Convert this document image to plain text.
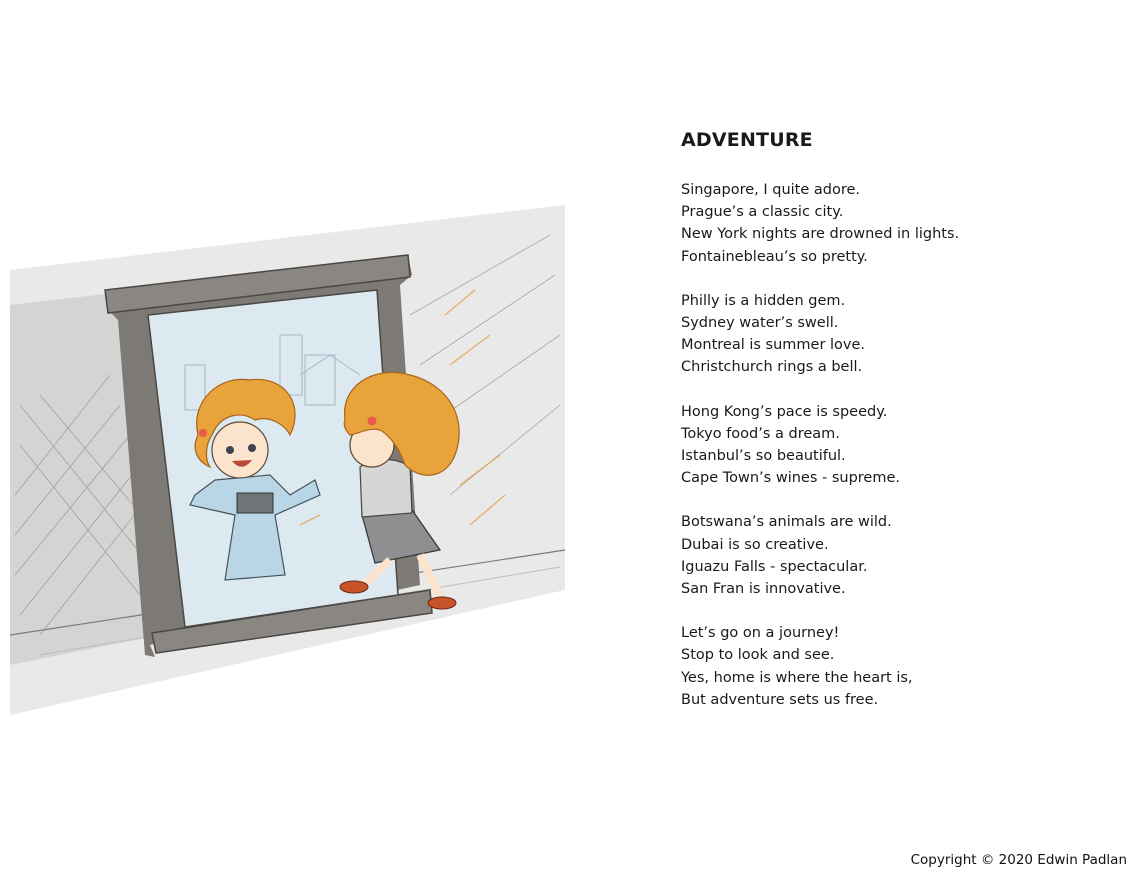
ADVENTURE
Singapore, I quite adore.
Prague’s a classic city.
New York nights are drowned in lights.
Fontainebleau’s so pretty.
Philly is a hidden gem.
Sydney water’s swell.
Montreal is summer love.
Christchurch rings a bell.
Hong Kong’s pace is speedy.
Tokyo food’s a dream.
Istanbul’s so beautiful.
Cape Town’s wines - supreme.
Botswana’s animals are wild.
Dubai is so creative.
Iguazu Falls - spectacular.
San Fran is innovative.
Let’s go on a journey!
Stop to look and see.
Yes, home is where the heart is,
But adventure sets us free.
Copyright © 2020 Edwin Padlan
